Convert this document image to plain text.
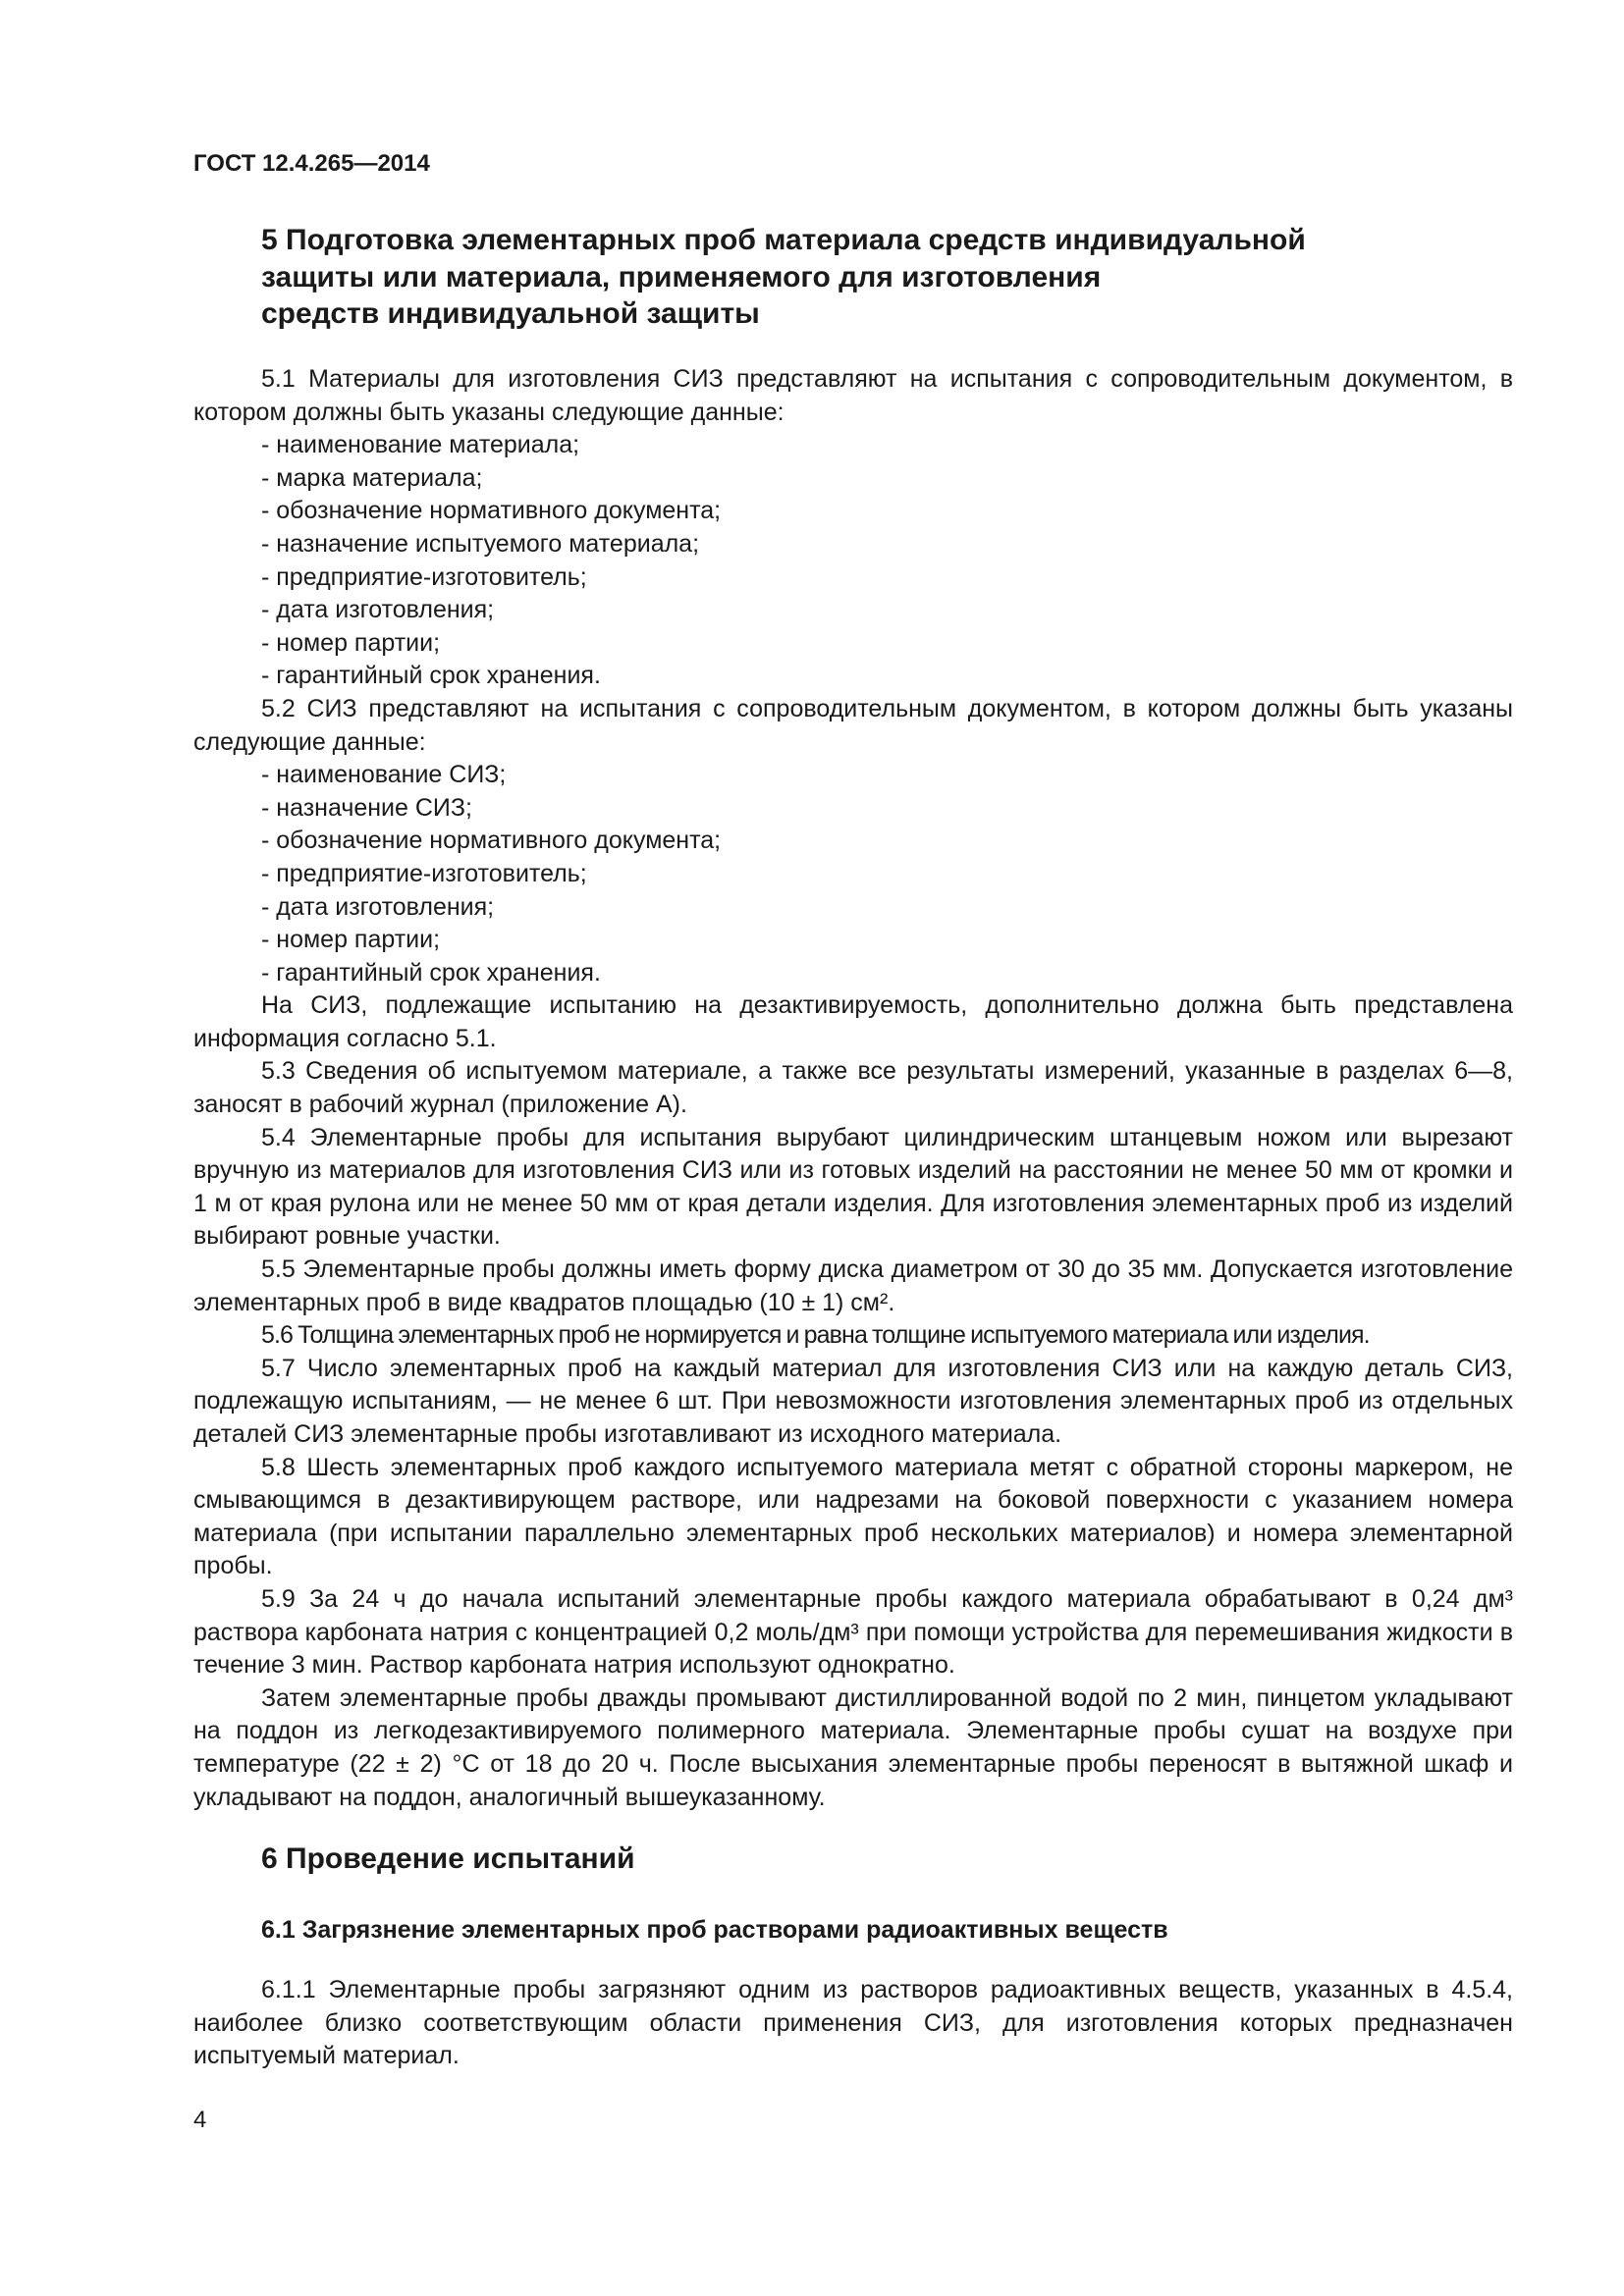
ГОСТ 12.4.265—2014

5 Подготовка элементарных проб материала средств индивидуальной
защиты или материала, применяемого для изготовления
средств индивидуальной защиты

5.1 Материалы для изготовления СИЗ представляют на испытания с сопроводительным документом, в котором должны быть указаны следующие данные:

- наименование материала;

- марка материала;

- обозначение нормативного документа;

- назначение испытуемого материала;

- предприятие-изготовитель;

- дата изготовления;

- номер партии;

- гарантийный срок хранения.

5.2 СИЗ представляют на испытания с сопроводительным документом, в котором должны быть указаны следующие данные:

- наименование СИЗ;

- назначение СИЗ;

- обозначение нормативного документа;

- предприятие-изготовитель;

- дата изготовления;

- номер партии;

- гарантийный срок хранения.

На СИЗ, подлежащие испытанию на дезактивируемость, дополнительно должна быть представлена информация согласно 5.1.

5.3 Сведения об испытуемом материале, а также все результаты измерений, указанные в разделах 6—8, заносят в рабочий журнал (приложение А).

5.4 Элементарные пробы для испытания вырубают цилиндрическим штанцевым ножом или вырезают вручную из материалов для изготовления СИЗ или из готовых изделий на расстоянии не менее 50 мм от кромки и 1 м от края рулона или не менее 50 мм от края детали изделия. Для изготовления элементарных проб из изделий выбирают ровные участки.

5.5 Элементарные пробы должны иметь форму диска диаметром от 30 до 35 мм. Допускается изготовление элементарных проб в виде квадратов площадью (10 ± 1) см².

5.6 Толщина элементарных проб не нормируется и равна толщине испытуемого материала или изделия.

5.7 Число элементарных проб на каждый материал для изготовления СИЗ или на каждую деталь СИЗ, подлежащую испытаниям, — не менее 6 шт. При невозможности изготовления элементарных проб из отдельных деталей СИЗ элементарные пробы изготавливают из исходного материала.

5.8 Шесть элементарных проб каждого испытуемого материала метят с обратной стороны маркером, не смывающимся в дезактивирующем растворе, или надрезами на боковой поверхности с указанием номера материала (при испытании параллельно элементарных проб нескольких материалов) и номера элементарной пробы.

5.9 За 24 ч до начала испытаний элементарные пробы каждого материала обрабатывают в 0,24 дм³ раствора карбоната натрия с концентрацией 0,2 моль/дм³ при помощи устройства для перемешивания жидкости в течение 3 мин. Раствор карбоната натрия используют однократно.

Затем элементарные пробы дважды промывают дистиллированной водой по 2 мин, пинцетом укладывают на поддон из легкодезактивируемого полимерного материала. Элементарные пробы сушат на воздухе при температуре (22 ± 2) °С от 18 до 20 ч. После высыхания элементарные пробы переносят в вытяжной шкаф и укладывают на поддон, аналогичный вышеуказанному.

6 Проведение испытаний
6.1 Загрязнение элементарных проб растворами радиоактивных веществ

6.1.1 Элементарные пробы загрязняют одним из растворов радиоактивных веществ, указанных в 4.5.4, наиболее близко соответствующим области применения СИЗ, для изготовления которых предназначен испытуемый материал.

4
